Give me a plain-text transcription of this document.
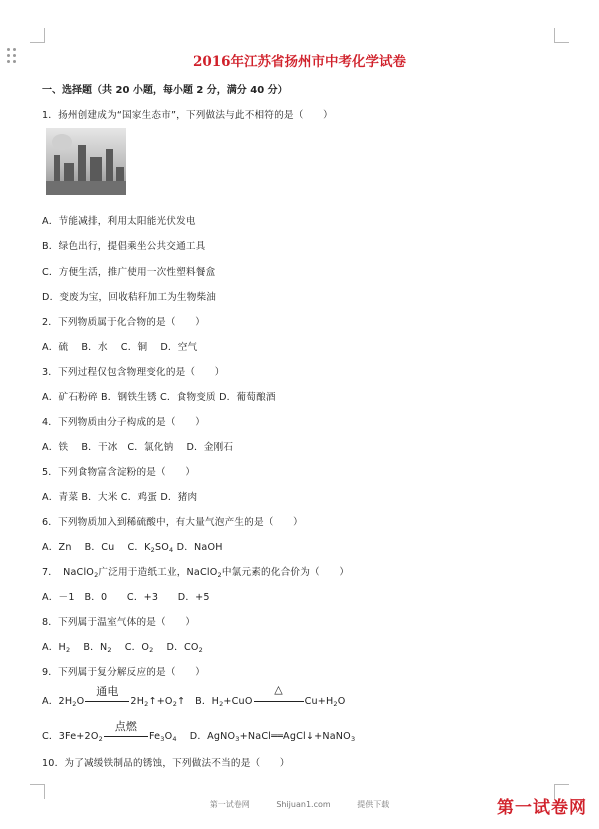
2016年江苏省扬州市中考化学试卷
一、选择题（共 20 小题，每小题 2 分，满分 40 分）
1．扬州创建成为“国家生态市”，下列做法与此不相符的是（　　）
A．节能减排，利用太阳能光伏发电
B．绿色出行，提倡乘坐公共交通工具
C．方便生活，推广使用一次性塑料餐盒
D．变废为宝，回收秸秆加工为生物柴油
2．下列物质属于化合物的是（　　）
A．硫　 B．水　 C．铜　 D．空气
3．下列过程仅包含物理变化的是（　　）
A．矿石粉碎 B．钢铁生锈 C．食物变质 D．葡萄酿酒
4．下列物质由分子构成的是（　　）
A．铁　 B．干冰　C．氯化钠　 D．金刚石
5．下列食物富含淀粉的是（　　）
A．青菜 B．大米 C．鸡蛋 D．猪肉
6．下列物质加入到稀硫酸中，有大量气泡产生的是（　　）
A．Zn　 B．Cu　 C．$K_2SO_4$ D．NaOH
7．　NaClO$_2$广泛用于造纸工业，NaClO$_2$中氯元素的化合价为（　　）
A．－1　B．0　　C．+3　　D．+5
8．下列属于温室气体的是（　　）
A．$H_2$　 B．$N_2$　 C．$O_2$　 D．$CO_2$
9．下列属于复分解反应的是（　　）
A．$2H_2O$
通电
$2H_2↑+O_2↑$　B．$H_2+CuO$
△
$Cu+H_2O$
C．$3Fe+2O_2$
点燃
$Fe_3O_4$　 D．AgNO$_3$+NaCl══AgCl↓+NaNO$_3$
10．为了减缓铁制品的锈蚀，下列做法不当的是（　　）
第一试卷网	Shijuan1.com	提供下载	第一试卷网
